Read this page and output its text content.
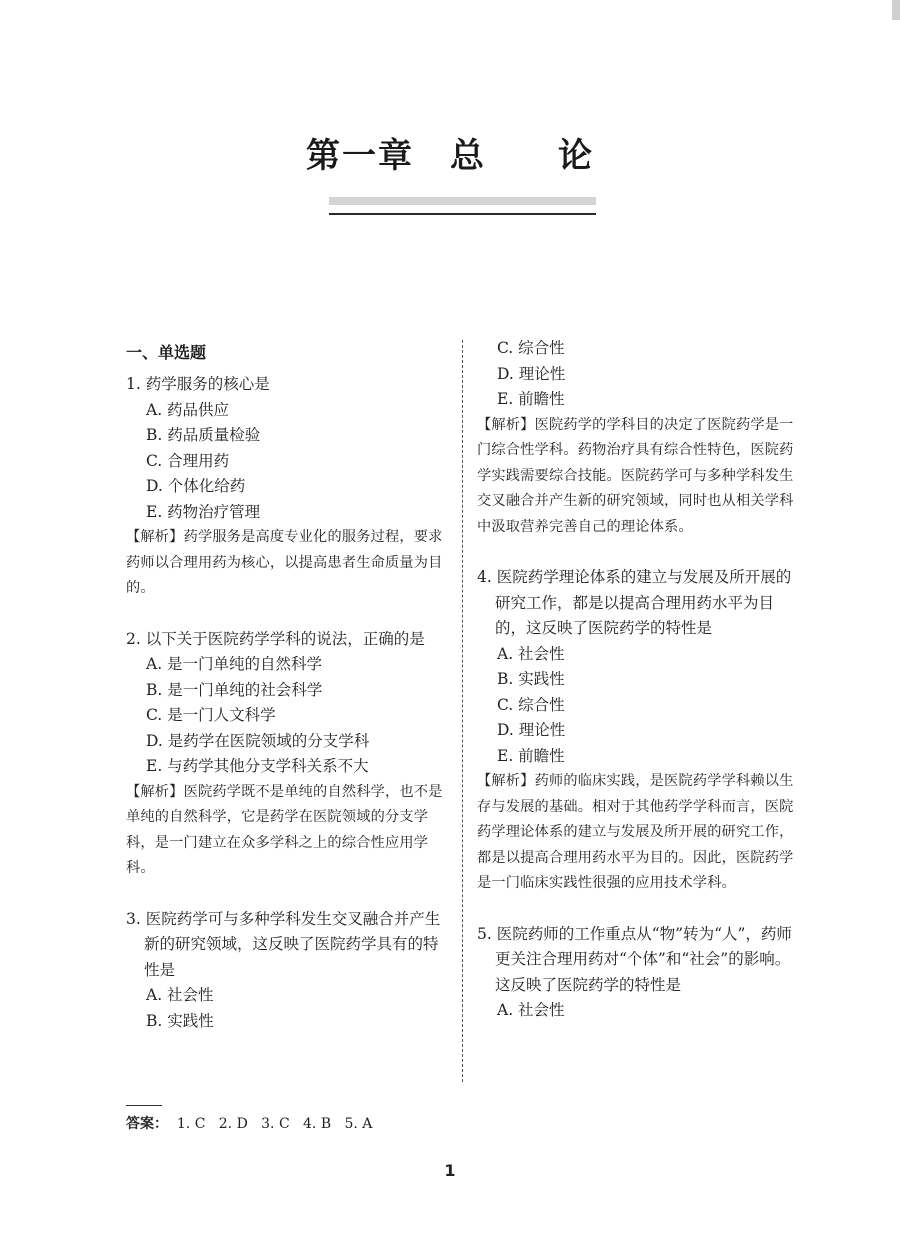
第一章　总　　论
一、单选题
1. 药学服务的核心是
A. 药品供应
B. 药品质量检验
C. 合理用药
D. 个体化给药
E. 药物治疗管理
【解析】药学服务是高度专业化的服务过程，要求药师以合理用药为核心，以提高患者生命质量为目的。
2. 以下关于医院药学学科的说法，正确的是
A. 是一门单纯的自然科学
B. 是一门单纯的社会科学
C. 是一门人文科学
D. 是药学在医院领域的分支学科
E. 与药学其他分支学科关系不大
【解析】医院药学既不是单纯的自然科学，也不是单纯的自然科学，它是药学在医院领域的分支学科，是一门建立在众多学科之上的综合性应用学科。
3. 医院药学可与多种学科发生交叉融合并产生新的研究领域，这反映了医院药学具有的特性是
A. 社会性
B. 实践性
C. 综合性
D. 理论性
E. 前瞻性
【解析】医院药学的学科目的决定了医院药学是一门综合性学科。药物治疗具有综合性特色，医院药学实践需要综合技能。医院药学可与多种学科发生交叉融合并产生新的研究领域，同时也从相关学科中汲取营养完善自己的理论体系。
4. 医院药学理论体系的建立与发展及所开展的研究工作，都是以提高合理用药水平为目的，这反映了医院药学的特性是
A. 社会性
B. 实践性
C. 综合性
D. 理论性
E. 前瞻性
【解析】药师的临床实践，是医院药学学科赖以生存与发展的基础。相对于其他药学学科而言，医院药学理论体系的建立与发展及所开展的研究工作，都是以提高合理用药水平为目的。因此，医院药学是一门临床实践性很强的应用技术学科。
5. 医院药师的工作重点从“物”转为“人”，药师更关注合理用药对“个体”和“社会”的影响。这反映了医院药学的特性是
A. 社会性
答案：  1. C   2. D   3. C   4. B   5. A
1
